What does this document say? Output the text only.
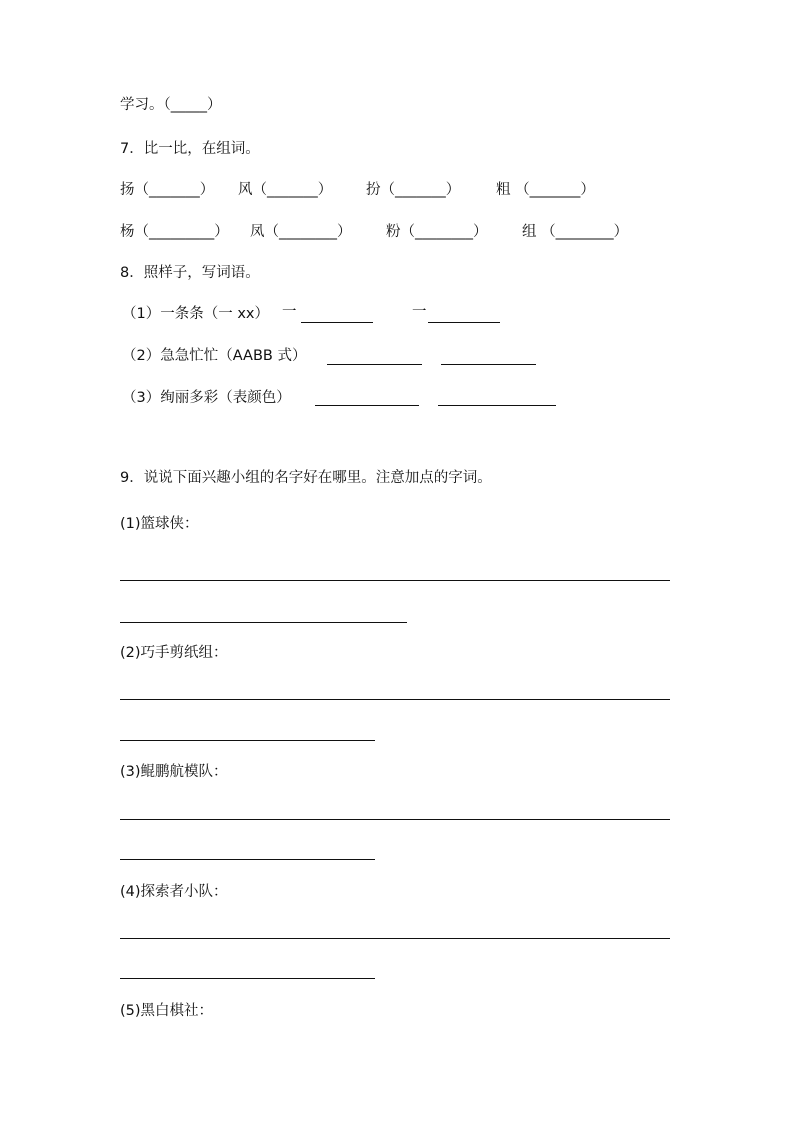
学习。（_____）
7．比一比，在组词。
扬（_______） 风（_______） 扮（_______） 粗 （_______）
杨（_________） 凤（________） 粉（________） 组 （________）
8．照样子，写词语。
（1）一条条（一 xx） 一	一
（2）急急忙忙（AABB 式）
（3）绚丽多彩（表颜色）
9．说说下面兴趣小组的名字好在哪里。注意加点的字词。
(1)篮球侠：
(2)巧手剪纸组：
(3)鲲鹏航模队：
(4)探索者小队：
(5)黑白棋社：
